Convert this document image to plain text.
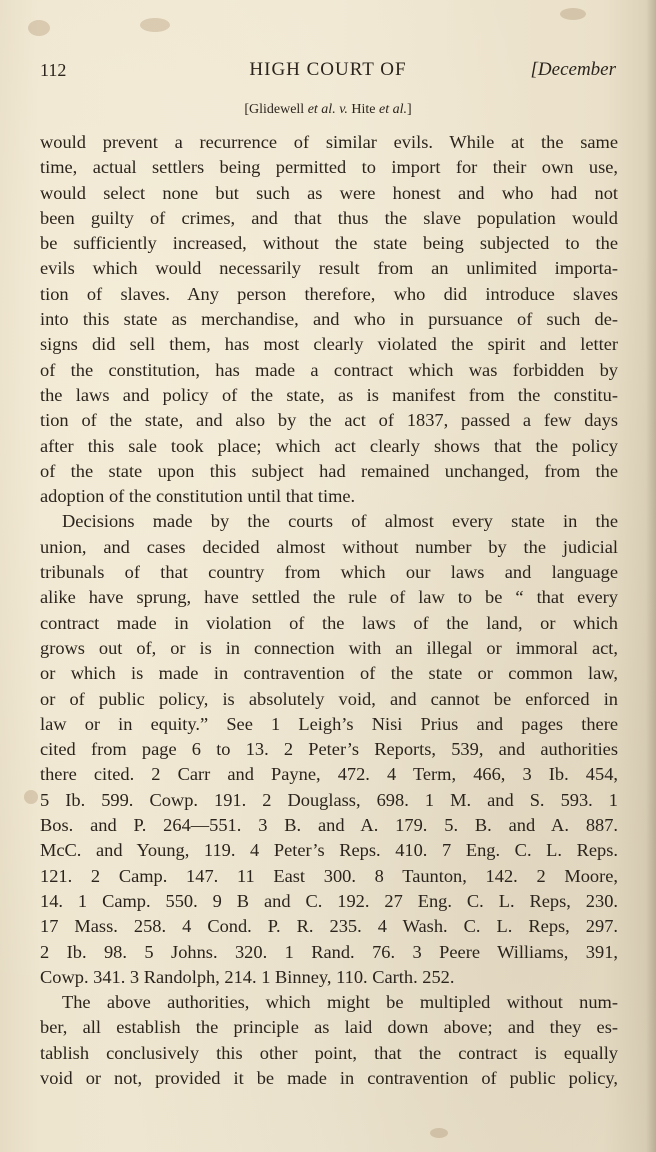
112	HIGH COURT OF	[December
[Glidewell et al. v. Hite et al.]
would prevent a recurrence of similar evils. While at the same
time, actual settlers being permitted to import for their own use,
would select none but such as were honest and who had not
been guilty of crimes, and that thus the slave population would
be sufficiently increased, without the state being subjected to the
evils which would necessarily result from an unlimited importa-
tion of slaves. Any person therefore, who did introduce slaves
into this state as merchandise, and who in pursuance of such de-
signs did sell them, has most clearly violated the spirit and letter
of the constitution, has made a contract which was forbidden by
the laws and policy of the state, as is manifest from the constitu-
tion of the state, and also by the act of 1837, passed a few days
after this sale took place; which act clearly shows that the policy
of the state upon this subject had remained unchanged, from the
adoption of the constitution until that time.
Decisions made by the courts of almost every state in the
union, and cases decided almost without number by the judicial
tribunals of that country from which our laws and language
alike have sprung, have settled the rule of law to be “ that every
contract made in violation of the laws of the land, or which
grows out of, or is in connection with an illegal or immoral act,
or which is made in contravention of the state or common law,
or of public policy, is absolutely void, and cannot be enforced in
law or in equity.” See 1 Leigh’s Nisi Prius and pages there
cited from page 6 to 13. 2 Peter’s Reports, 539, and authorities
there cited. 2 Carr and Payne, 472. 4 Term, 466, 3 Ib. 454,
5 Ib. 599. Cowp. 191. 2 Douglass, 698. 1 M. and S. 593. 1
Bos. and P. 264—551. 3 B. and A. 179. 5. B. and A. 887.
McC. and Young, 119. 4 Peter’s Reps. 410. 7 Eng. C. L. Reps.
121. 2 Camp. 147. 11 East 300. 8 Taunton, 142. 2 Moore,
14. 1 Camp. 550. 9 B and C. 192. 27 Eng. C. L. Reps, 230.
17 Mass. 258. 4 Cond. P. R. 235. 4 Wash. C. L. Reps, 297.
2 Ib. 98. 5 Johns. 320. 1 Rand. 76. 3 Peere Williams, 391,
Cowp. 341. 3 Randolph, 214. 1 Binney, 110. Carth. 252.
The above authorities, which might be multipled without num-
ber, all establish the principle as laid down above; and they es-
tablish conclusively this other point, that the contract is equally
void or not, provided it be made in contravention of public policy,
